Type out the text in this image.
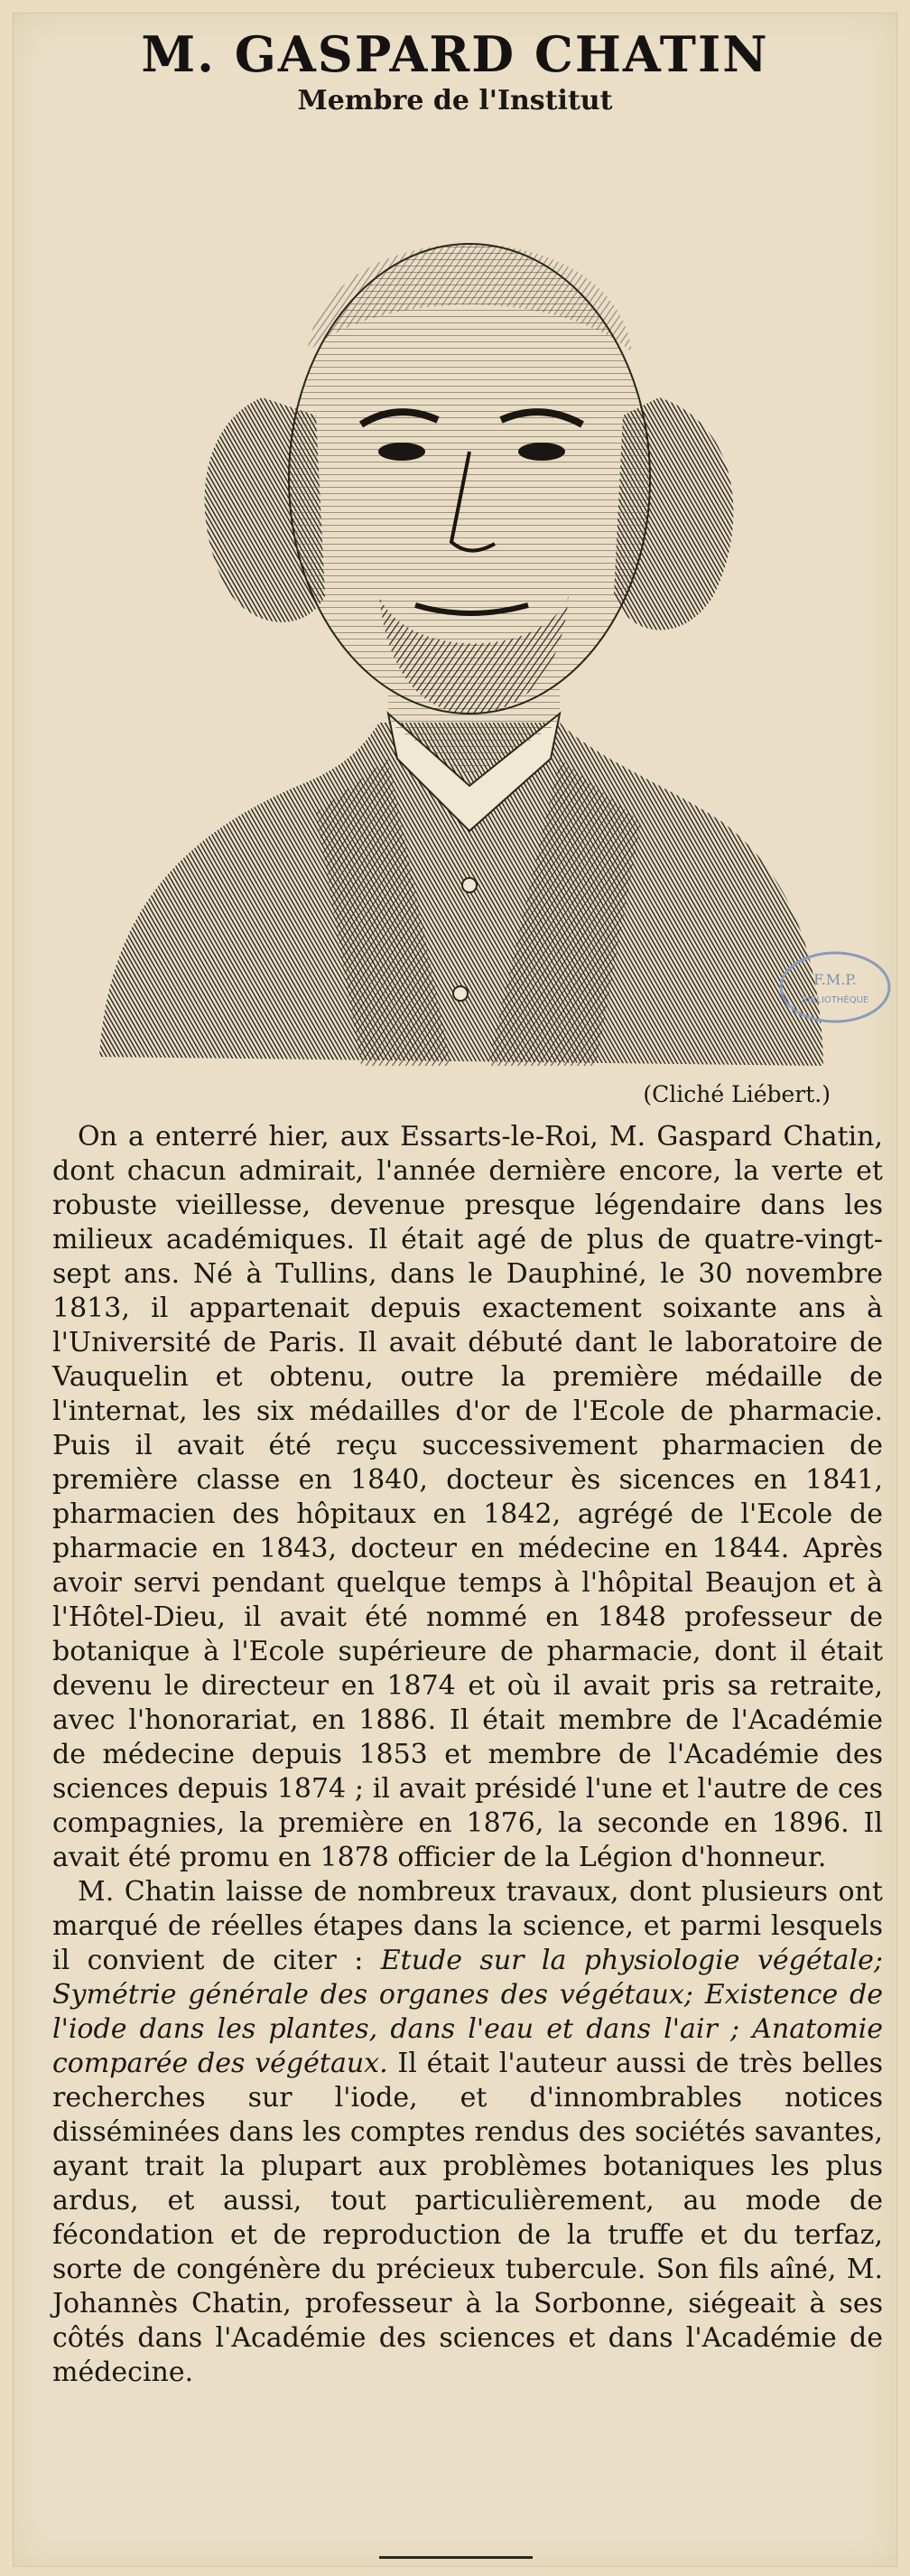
M. GASPARD CHATIN
Membre de l'Institut
F.M.P.
BIBLIOTHÈQUE
(Cliché Liébert.)

On a enterré hier, aux Essarts-le-Roi, M. Gaspard Chatin, dont chacun admirait, l'année dernière encore, la verte et robuste vieillesse, devenue presque légendaire dans les milieux académiques. Il était agé de plus de quatre-vingt-sept ans. Né à Tullins, dans le Dauphiné, le 30 novembre 1813, il appartenait depuis exactement soixante ans à l'Université de Paris. Il avait débuté dant le laboratoire de Vauquelin et obtenu, outre la première médaille de l'internat, les six médailles d'or de l'Ecole de pharmacie. Puis il avait été reçu successivement pharmacien de première classe en 1840, docteur ès sicences en 1841, pharmacien des hôpitaux en 1842, agrégé de l'Ecole de pharmacie en 1843, docteur en médecine en 1844. Après avoir servi pendant quelque temps à l'hôpital Beaujon et à l'Hôtel-Dieu, il avait été nommé en 1848 professeur de botanique à l'Ecole supérieure de pharmacie, dont il était devenu le directeur en 1874 et où il avait pris sa retraite, avec l'honorariat, en 1886. Il était membre de l'Académie de médecine depuis 1853 et membre de l'Académie des sciences depuis 1874 ; il avait présidé l'une et l'autre de ces compagnies, la première en 1876, la seconde en 1896. Il avait été promu en 1878 officier de la Légion d'honneur.

M. Chatin laisse de nombreux travaux, dont plusieurs ont marqué de réelles étapes dans la science, et parmi lesquels il convient de citer : Etude sur la physiologie végétale; Symétrie générale des organes des végétaux; Existence de l'iode dans les plantes, dans l'eau et dans l'air ; Anatomie comparée des végétaux. Il était l'auteur aussi de très belles recherches sur l'iode, et d'innombrables notices disséminées dans les comptes rendus des sociétés savantes, ayant trait la plupart aux problèmes botaniques les plus ardus, et aussi, tout particulièrement, au mode de fécondation et de reproduction de la truffe et du terfaz, sorte de congénère du précieux tubercule. Son fils aîné, M. Johannès Chatin, professeur à la Sorbonne, siégeait à ses côtés dans l'Académie des sciences et dans l'Académie de médecine.
